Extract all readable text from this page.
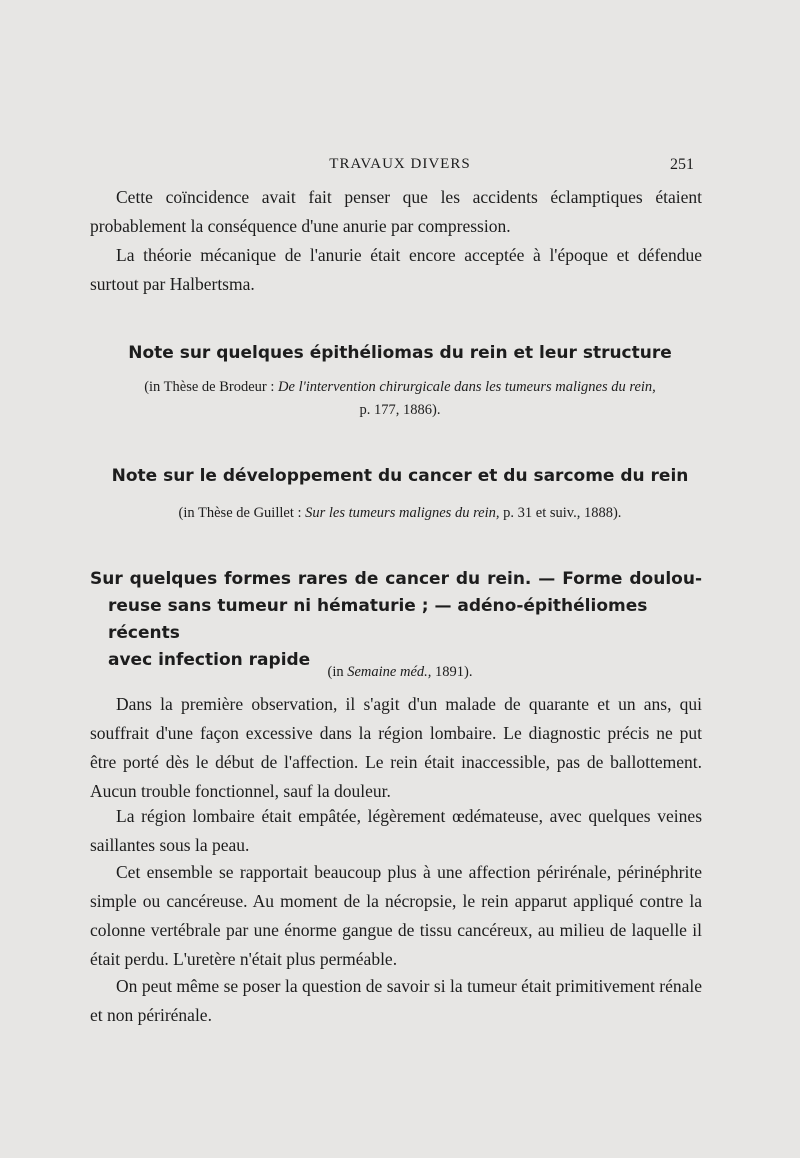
TRAVAUX DIVERS	251

Cette coïncidence avait fait penser que les accidents éclamptiques étaient probablement la conséquence d'une anurie par compression.

La théorie mécanique de l'anurie était encore acceptée à l'époque et défendue surtout par Halbertsma.

Note sur quelques épithéliomas du rein et leur structure

(in Thèse de Brodeur : De l'intervention chirurgicale dans les tumeurs malignes du rein,
p. 177, 1886).

Note sur le développement du cancer et du sarcome du rein

(in Thèse de Guillet : Sur les tumeurs malignes du rein, p. 31 et suiv., 1888).

Sur quelques formes rares de cancer du rein. — Forme doulou-
reuse sans tumeur ni hématurie ; — adéno-épithéliomes récents
avec infection rapide

(in Semaine méd., 1891).

Dans la première observation, il s'agit d'un malade de quarante et un ans, qui souffrait d'une façon excessive dans la région lombaire. Le diagnostic précis ne put être porté dès le début de l'affection. Le rein était inaccessible, pas de ballottement. Aucun trouble fonctionnel, sauf la douleur.

La région lombaire était empâtée, légèrement œdémateuse, avec quelques veines saillantes sous la peau.

Cet ensemble se rapportait beaucoup plus à une affection périrénale, périnéphrite simple ou cancéreuse. Au moment de la nécropsie, le rein apparut appliqué contre la colonne vertébrale par une énorme gangue de tissu cancéreux, au milieu de laquelle il était perdu. L'uretère n'était plus perméable.

On peut même se poser la question de savoir si la tumeur était primitivement rénale et non périrénale.
